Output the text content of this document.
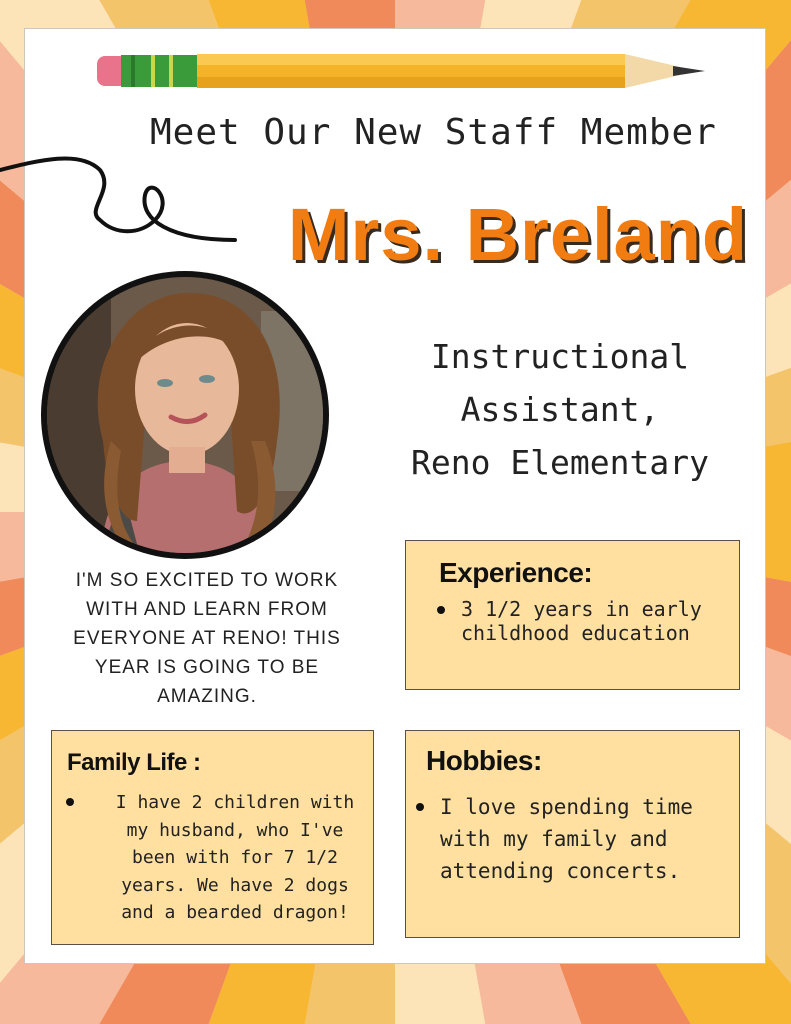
Meet Our New Staff Member
Mrs. Breland
Instructional
Assistant,
Reno Elementary
I'M SO EXCITED TO WORK WITH AND LEARN FROM EVERYONE AT RENO! THIS YEAR IS GOING TO BE AMAZING.
Experience:
3 1/2 years in early childhood education
Family Life :
I have 2 children with my husband, who I've been with for 7 1/2 years. We have 2 dogs and a bearded dragon!
Hobbies:
I love spending time with my family and attending concerts.
